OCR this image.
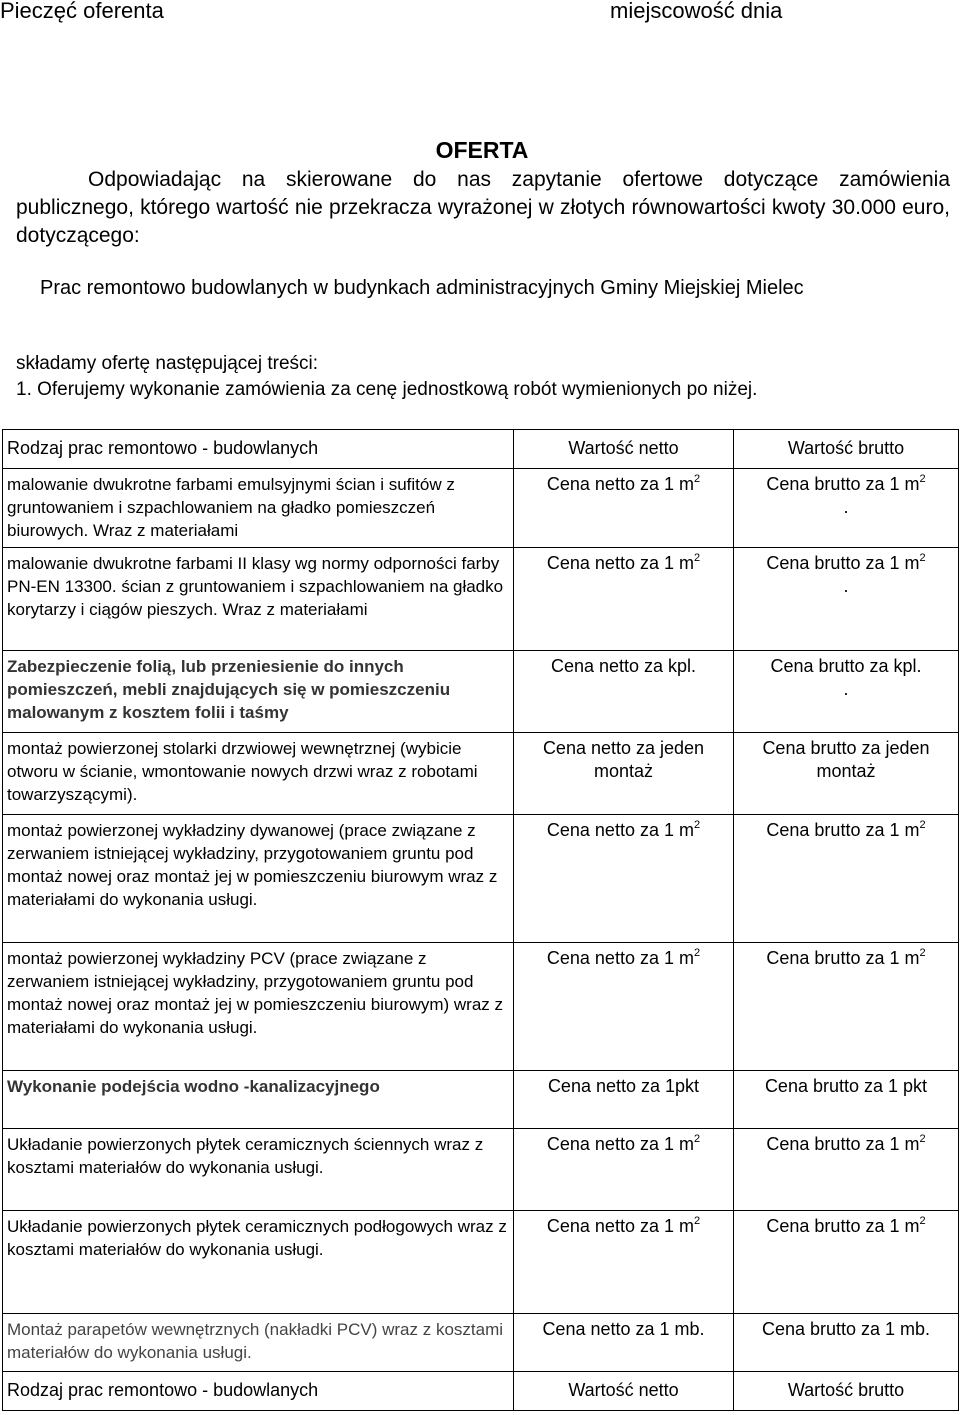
Pieczęć oferenta	miejscowość dnia
OFERTA
Odpowiadając na skierowane do nas zapytanie ofertowe dotyczące zamówienia publicznego, którego wartość nie przekracza wyrażonej w złotych równowartości kwoty 30.000 euro, dotyczącego:
Prac remontowo budowlanych w budynkach administracyjnych Gminy Miejskiej Mielec
składamy ofertę następującej treści:
1. Oferujemy wykonanie zamówienia za cenę jednostkową robót wymienionych po niżej.
Rodzaj prac remontowo - budowlanych	Wartość netto	Wartość brutto
malowanie dwukrotne farbami emulsyjnymi ścian i sufitów z gruntowaniem i szpachlowaniem na gładko pomieszczeń biurowych. Wraz z materiałami	Cena netto za 1 $m^2$	Cena brutto za 1 $m^2$
.
malowanie dwukrotne farbami II klasy wg normy odporności farby PN-EN 13300. ścian z gruntowaniem i szpachlowaniem na gładko korytarzy i ciągów pieszych. Wraz z materiałami	Cena netto za 1 $m^2$	Cena brutto za 1 $m^2$
.
Zabezpieczenie folią, lub przeniesienie do innych pomieszczeń, mebli znajdujących się w pomieszczeniu malowanym z kosztem folii i taśmy	Cena netto za kpl.	Cena brutto za kpl.
.
montaż powierzonej stolarki drzwiowej wewnętrznej (wybicie otworu w ścianie, wmontowanie nowych drzwi wraz z robotami towarzyszącymi).	Cena netto za jeden montaż	Cena brutto za jeden montaż
montaż powierzonej wykładziny dywanowej (prace związane z zerwaniem istniejącej wykładziny, przygotowaniem gruntu pod montaż nowej oraz montaż jej w pomieszczeniu biurowym wraz z materiałami do wykonania usługi.	Cena netto za 1 $m^2$	Cena brutto za 1 $m^2$
montaż powierzonej wykładziny PCV (prace związane z zerwaniem istniejącej wykładziny, przygotowaniem gruntu pod montaż nowej oraz montaż jej w pomieszczeniu biurowym) wraz z materiałami do wykonania usługi.	Cena netto za 1 $m^2$	Cena brutto za 1 $m^2$
Wykonanie podejścia wodno -kanalizacyjnego	Cena netto za 1pkt	Cena brutto za 1 pkt
Układanie powierzonych płytek ceramicznych ściennych wraz z kosztami materiałów do wykonania usługi.	Cena netto za 1 $m^2$	Cena brutto za 1 $m^2$
Układanie powierzonych płytek ceramicznych podłogowych wraz z kosztami materiałów do wykonania usługi.	Cena netto za 1 $m^2$	Cena brutto za 1 $m^2$
Montaż parapetów wewnętrznych (nakładki PCV) wraz z kosztami materiałów do wykonania usługi.	Cena netto za 1 mb.	Cena brutto za 1 mb.
Rodzaj prac remontowo - budowlanych	Wartość netto	Wartość brutto
